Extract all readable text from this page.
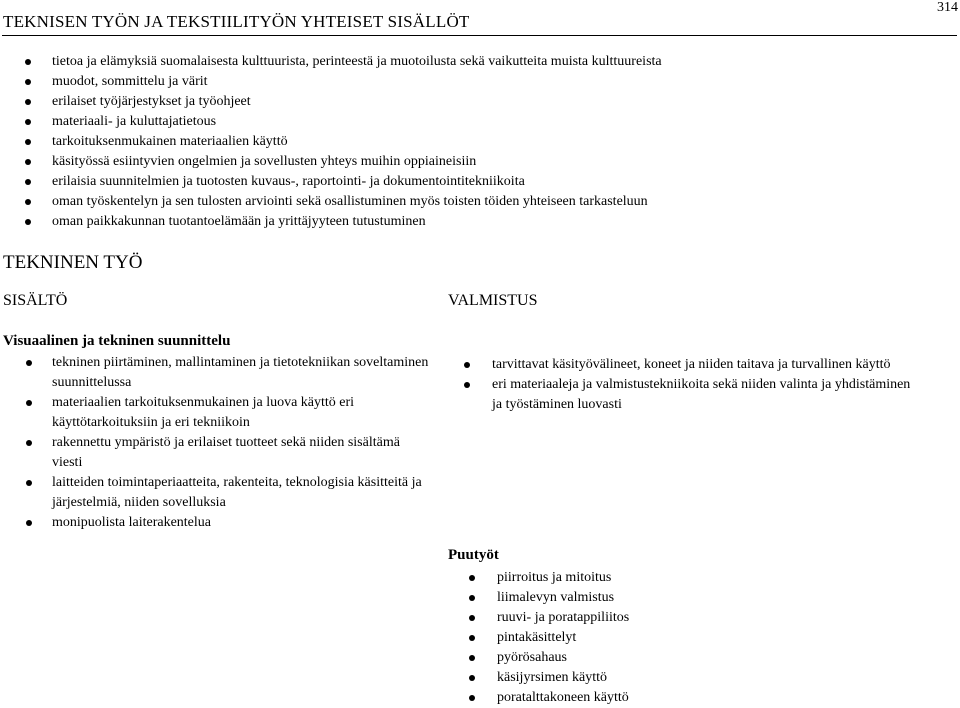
TEKNISEN TYÖN JA TEKSTIILITYÖN YHTEISET SISÄLLÖT
314
tietoa ja elämyksiä suomalaisesta kulttuurista, perinteestä ja muotoilusta sekä vaikutteita muista kulttuureista
muodot, sommittelu ja värit
erilaiset työjärjestykset ja työohjeet
materiaali- ja kuluttajatietous
tarkoituksenmukainen materiaalien käyttö
käsityössä esiintyvien ongelmien ja sovellusten yhteys muihin oppiaineisiin
erilaisia suunnitelmien ja tuotosten kuvaus-, raportointi- ja dokumentointitekniikoita
oman työskentelyn ja sen tulosten arviointi sekä osallistuminen myös toisten töiden yhteiseen tarkasteluun
oman paikkakunnan tuotantoelämään ja yrittäjyyteen tutustuminen
TEKNINEN TYÖ
SISÄLTÖ	VALMISTUS
Visuaalinen ja tekninen suunnittelu
tekninen piirtäminen, mallintaminen ja tietotekniikan soveltaminen suunnittelussa
materiaalien tarkoituksenmukainen ja luova käyttö eri käyttötarkoituksiin ja eri tekniikoin
rakennettu ympäristö ja erilaiset tuotteet sekä niiden sisältämä viesti
laitteiden toimintaperiaatteita, rakenteita, teknologisia käsitteitä ja järjestelmiä, niiden sovelluksia
monipuolista laiterakentelua
tarvittavat käsityövälineet, koneet ja niiden taitava ja turvallinen käyttö
eri materiaaleja ja valmistustekniikoita sekä niiden valinta ja yhdistäminen ja työstäminen luovasti
Puutyöt
piirroitus ja mitoitus
liimalevyn valmistus
ruuvi- ja poratappiliitos
pintakäsittelyt
pyörösahaus
käsijyrsimen käyttö
poratalttakoneen käyttö
